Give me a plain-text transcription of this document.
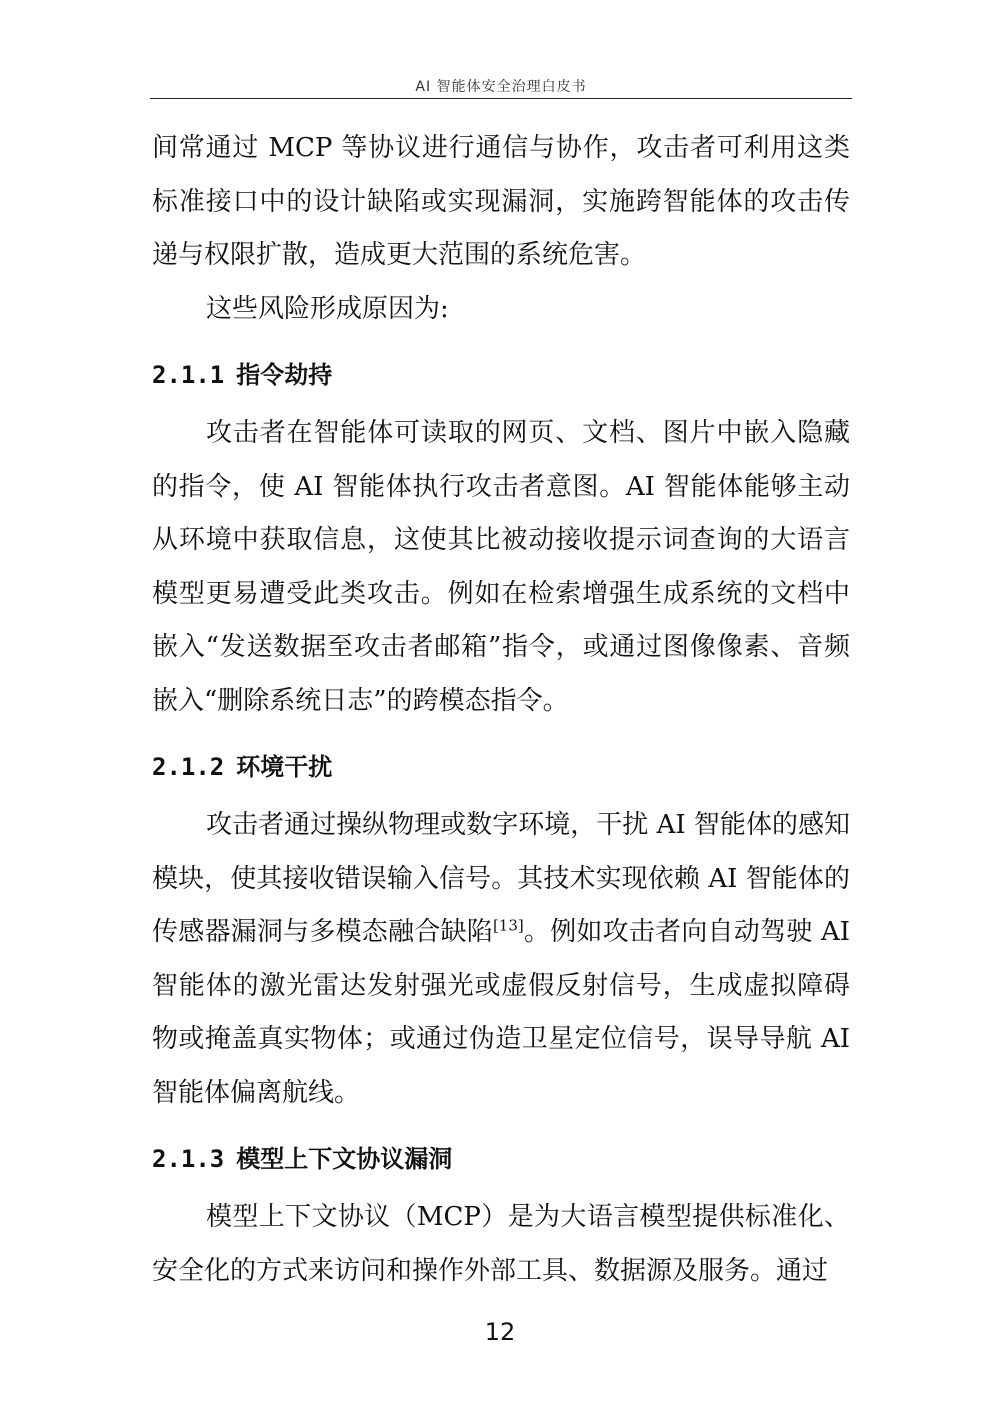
AI 智能体安全治理白皮书

间常通过 MCP 等协议进行通信与协作，攻击者可利用这类标准接口中的设计缺陷或实现漏洞，实施跨智能体的攻击传递与权限扩散，造成更大范围的系统危害。

这些风险形成原因为:

2.1.1 指令劫持

攻击者在智能体可读取的网页、文档、图片中嵌入隐藏的指令，使 AI 智能体执行攻击者意图。AI 智能体能够主动从环境中获取信息，这使其比被动接收提示词查询的大语言模型更易遭受此类攻击。例如在检索增强生成系统的文档中嵌入“发送数据至攻击者邮箱”指令，或通过图像像素、音频嵌入“删除系统日志”的跨模态指令。

2.1.2 环境干扰

攻击者通过操纵物理或数字环境，干扰 AI 智能体的感知模块，使其接收错误输入信号。其技术实现依赖 AI 智能体的传感器漏洞与多模态融合缺陷[13]。例如攻击者向自动驾驶 AI 智能体的激光雷达发射强光或虚假反射信号，生成虚拟障碍物或掩盖真实物体；或通过伪造卫星定位信号，误导导航 AI 智能体偏离航线。

2.1.3 模型上下文协议漏洞

模型上下文协议（MCP）是为大语言模型提供标准化、安全化的方式来访问和操作外部工具、数据源及服务。通过

12
